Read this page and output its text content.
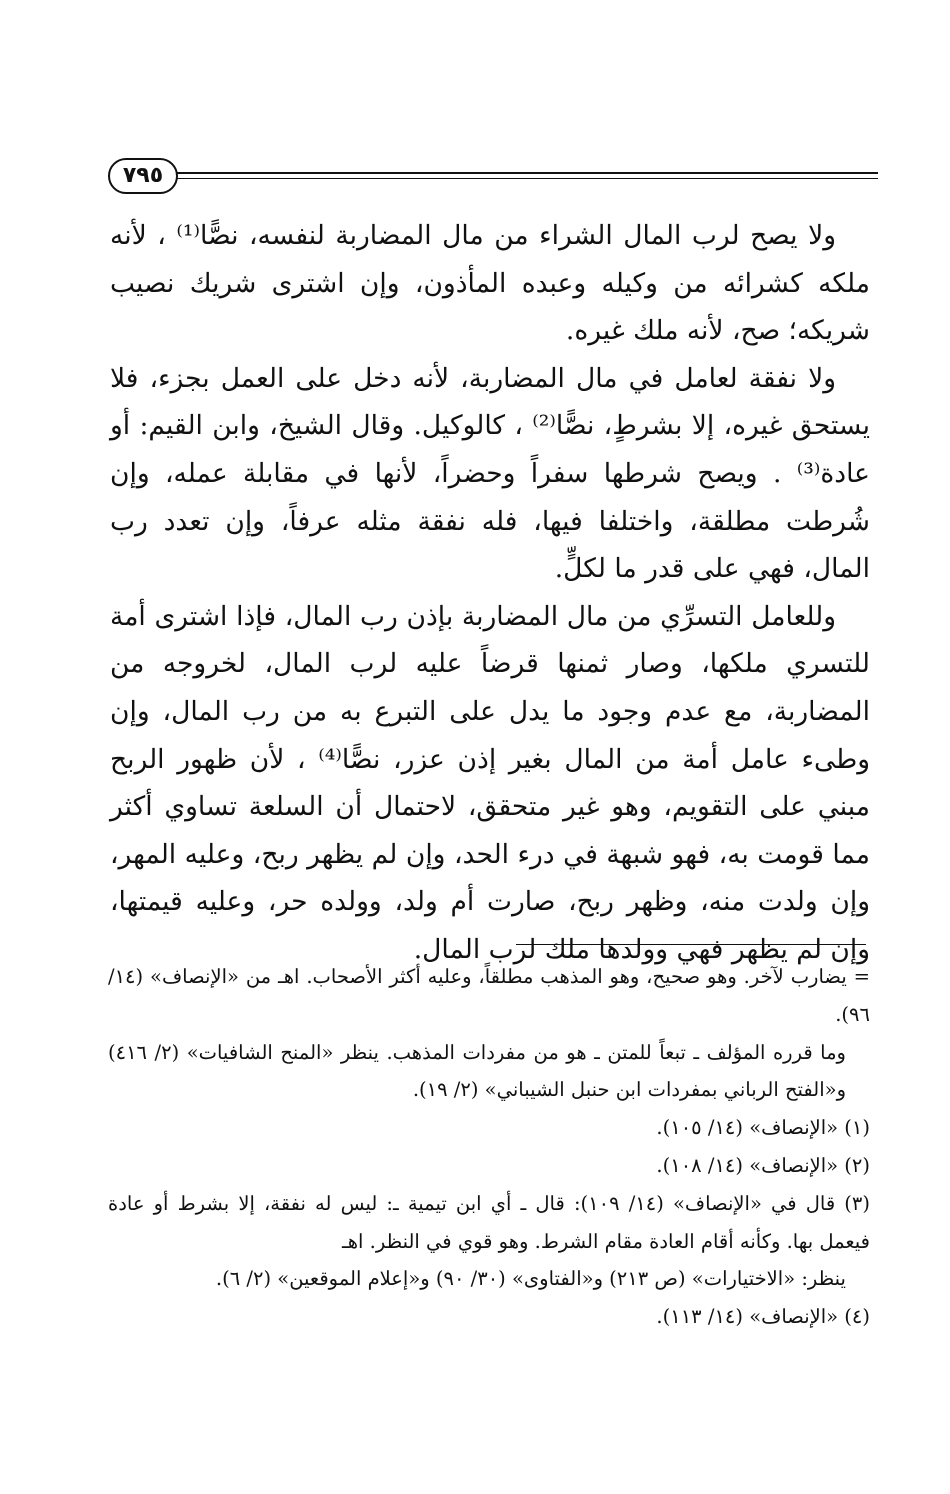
٧٩٥

ولا يصح لرب المال الشراء من مال المضاربة لنفسه، نصًّا⁽¹⁾ ، لأنه ملكه كشرائه من وكيله وعبده المأذون، وإن اشترى شريك نصيب شريكه؛ صح، لأنه ملك غيره.

ولا نفقة لعامل في مال المضاربة، لأنه دخل على العمل بجزء، فلا يستحق غيره، إلا بشرطٍ، نصًّا⁽²⁾ ، كالوكيل. وقال الشيخ، وابن القيم: أو عادة⁽³⁾ . ويصح شرطها سفراً وحضراً، لأنها في مقابلة عمله، وإن شُرطت مطلقة، واختلفا فيها، فله نفقة مثله عرفاً، وإن تعدد رب المال، فهي على قدر ما لكلٍّ.

وللعامل التسرِّي من مال المضاربة بإذن رب المال، فإذا اشترى أمة للتسري ملكها، وصار ثمنها قرضاً عليه لرب المال، لخروجه من المضاربة، مع عدم وجود ما يدل على التبرع به من رب المال، وإن وطىء عامل أمة من المال بغير إذن عزر، نصًّا⁽⁴⁾ ، لأن ظهور الربح مبني على التقويم، وهو غير متحقق، لاحتمال أن السلعة تساوي أكثر مما قومت به، فهو شبهة في درء الحد، وإن لم يظهر ربح، وعليه المهر، وإن ولدت منه، وظهر ربح، صارت أم ولد، وولده حر، وعليه قيمتها، وإن لم يظهر فهي وولدها ملك لرب المال.

= يضارب لآخر. وهو صحيح، وهو المذهب مطلقاً، وعليه أكثر الأصحاب. اهـ من «الإنصاف» (١٤/ ٩٦).

وما قرره المؤلف ـ تبعاً للمتن ـ هو من مفردات المذهب. ينظر «المنح الشافيات» (٢/ ٤١٦) و«الفتح الرباني بمفردات ابن حنبل الشيباني» (٢/ ١٩).

(١) «الإنصاف» (١٤/ ١٠٥).

(٢) «الإنصاف» (١٤/ ١٠٨).

(٣) قال في «الإنصاف» (١٤/ ١٠٩): قال ـ أي ابن تيمية ـ: ليس له نفقة، إلا بشرط أو عادة فيعمل بها. وكأنه أقام العادة مقام الشرط. وهو قوي في النظر. اهـ

ينظر: «الاختيارات» (ص ٢١٣) و«الفتاوى» (٣٠/ ٩٠) و«إعلام الموقعين» (٢/ ٦).

(٤) «الإنصاف» (١٤/ ١١٣).
